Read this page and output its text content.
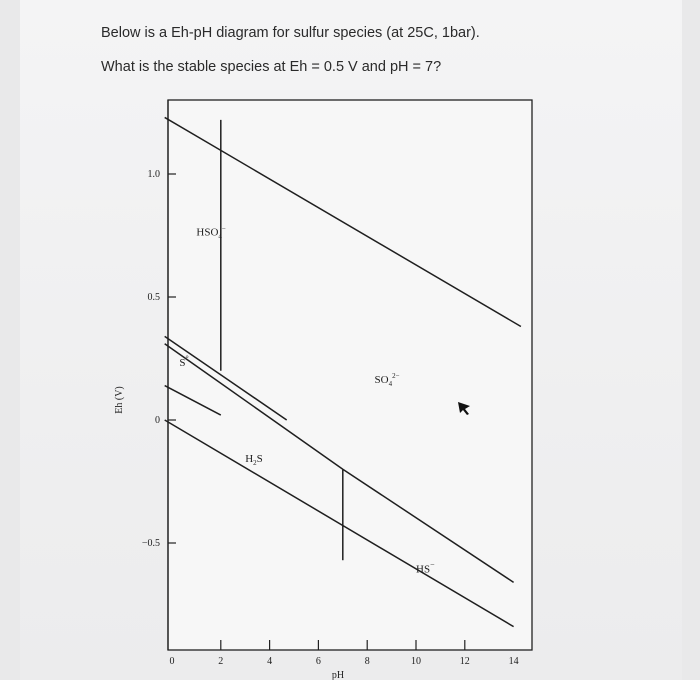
Below is a Eh-pH diagram for sulfur species (at 25C, 1bar).
What is the stable species at Eh = 0.5 V and pH = 7?
1.0
0.5
0
−0.5
0	2	4	6	8	10	12	14
$HSO_4^-$
$SO_4^{2-}$
S°
$H_2S$
HS−
pH
Eh (V)
